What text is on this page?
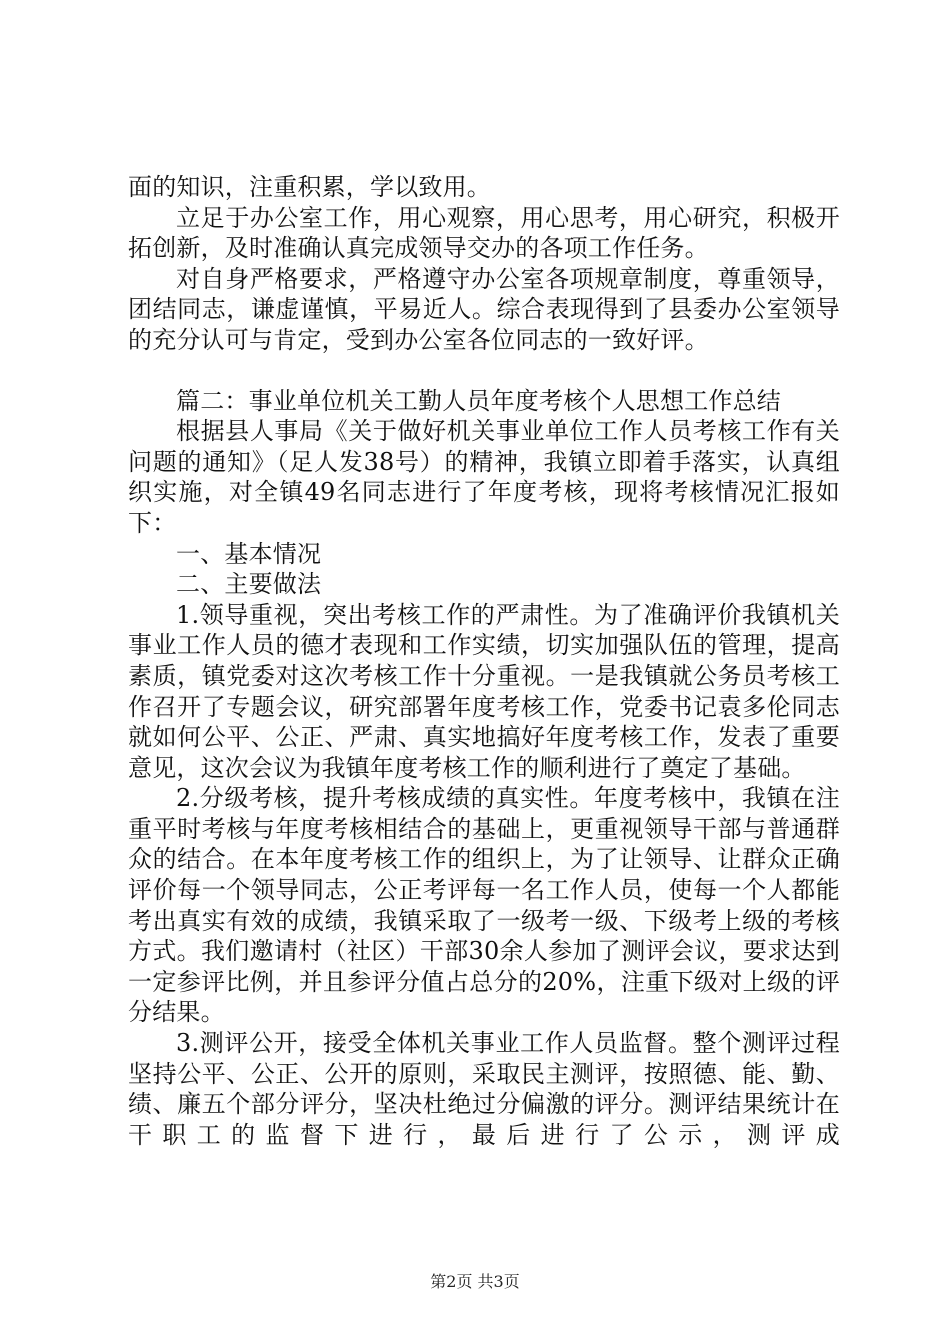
面的知识，注重积累，学以致用。

立足于办公室工作，用心观察，用心思考，用心研究，积极开拓创新，及时准确认真完成领导交办的各项工作任务。

对自身严格要求，严格遵守办公室各项规章制度，尊重领导，团结同志，谦虚谨慎，平易近人。综合表现得到了县委办公室领导的充分认可与肯定，受到办公室各位同志的一致好评。

篇二：事业单位机关工勤人员年度考核个人思想工作总结

根据县人事局《关于做好机关事业单位工作人员考核工作有关问题的通知》（足人发38号）的精神，我镇立即着手落实，认真组织实施，对全镇49名同志进行了年度考核，现将考核情况汇报如下：

一、基本情况

二、主要做法

1.领导重视，突出考核工作的严肃性。为了准确评价我镇机关事业工作人员的德才表现和工作实绩，切实加强队伍的管理，提高素质，镇党委对这次考核工作十分重视。一是我镇就公务员考核工作召开了专题会议，研究部署年度考核工作，党委书记袁多伦同志就如何公平、公正、严肃、真实地搞好年度考核工作，发表了重要意见，这次会议为我镇年度考核工作的顺利进行了奠定了基础。

2.分级考核，提升考核成绩的真实性。年度考核中，我镇在注重平时考核与年度考核相结合的基础上，更重视领导干部与普通群众的结合。在本年度考核工作的组织上，为了让领导、让群众正确评价每一个领导同志，公正考评每一名工作人员，使每一个人都能考出真实有效的成绩，我镇采取了一级考一级、下级考上级的考核方式。我们邀请村（社区）干部30余人参加了测评会议，要求达到一定参评比例，并且参评分值占总分的20%，注重下级对上级的评分结果。

3.测评公开，接受全体机关事业工作人员监督。整个测评过程坚持公平、公正、公开的原则，采取民主测评，按照德、能、勤、绩、廉五个部分评分，坚决杜绝过分偏激的评分。测评结果统计在干职工的监督下进行，最后进行了公示，测评成

第2页 共3页
